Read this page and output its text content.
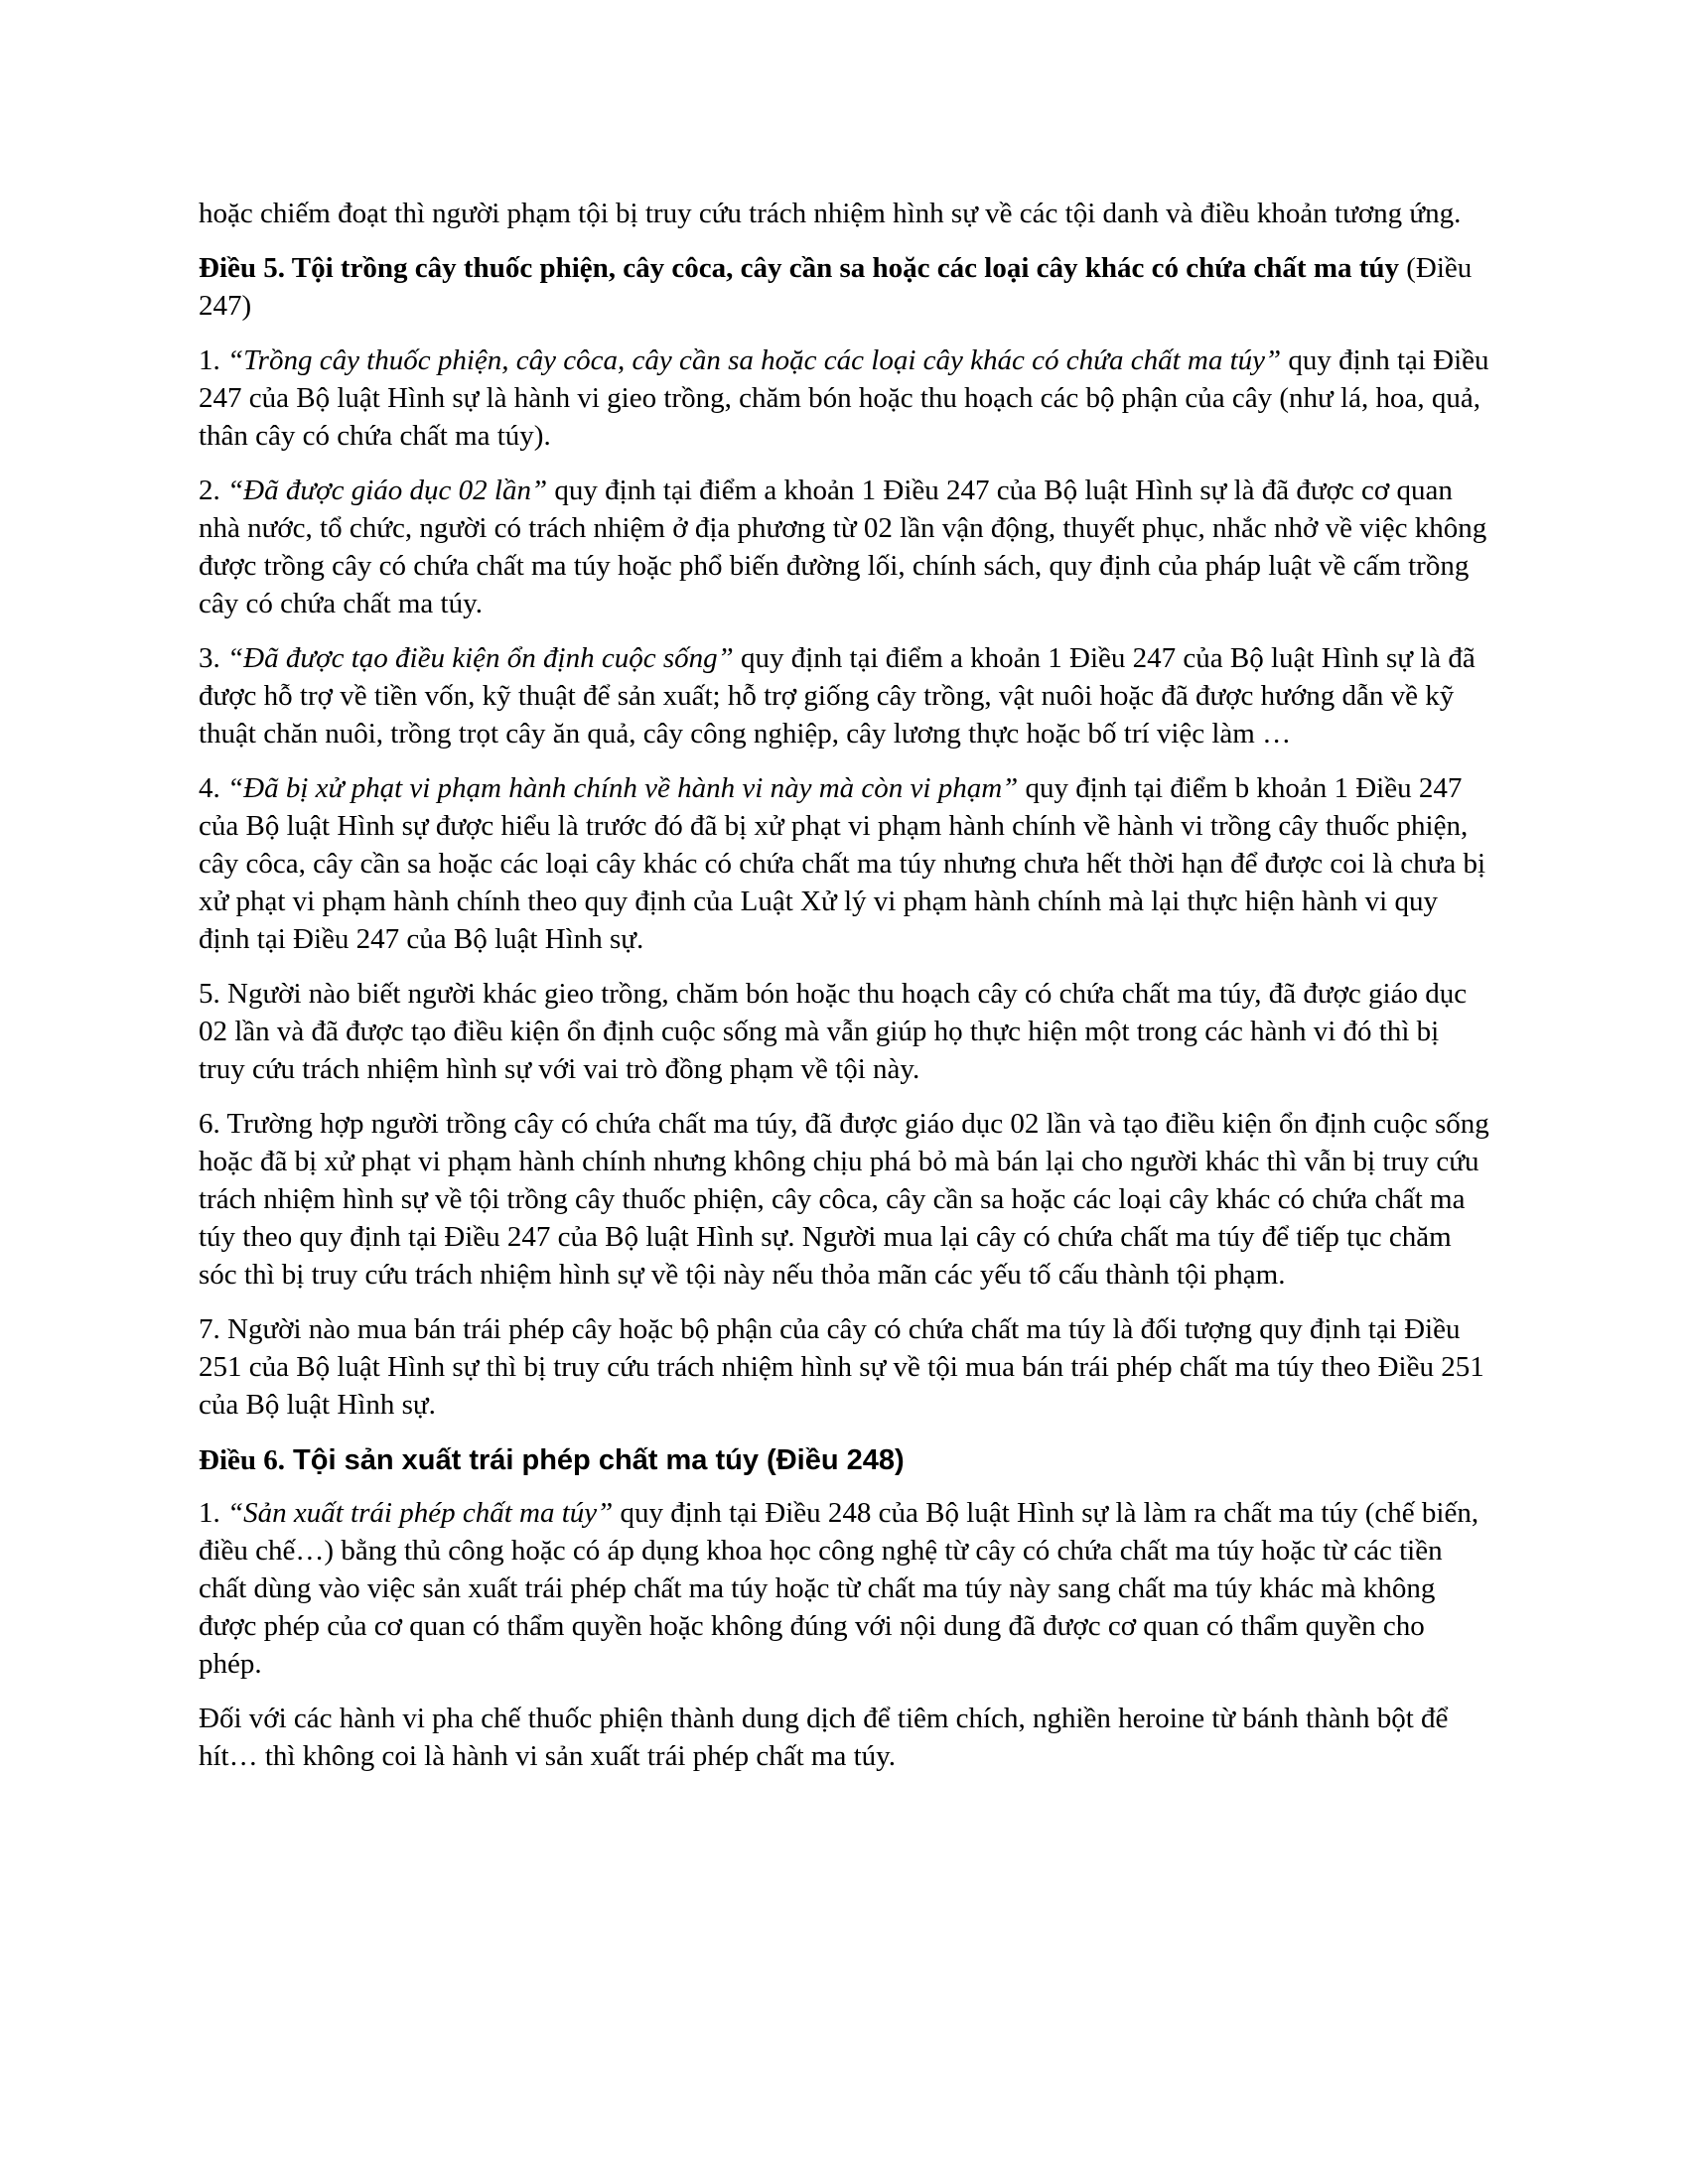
hoặc chiếm đoạt thì người phạm tội bị truy cứu trách nhiệm hình sự về các tội danh và điều khoản tương ứng.

Điều 5. Tội trồng cây thuốc phiện, cây côca, cây cần sa hoặc các loại cây khác có chứa chất ma túy (Điều 247)

1. “Trồng cây thuốc phiện, cây côca, cây cần sa hoặc các loại cây khác có chứa chất ma túy” quy định tại Điều 247 của Bộ luật Hình sự là hành vi gieo trồng, chăm bón hoặc thu hoạch các bộ phận của cây (như lá, hoa, quả, thân cây có chứa chất ma túy).

2. “Đã được giáo dục 02 lần” quy định tại điểm a khoản 1 Điều 247 của Bộ luật Hình sự là đã được cơ quan nhà nước, tổ chức, người có trách nhiệm ở địa phương từ 02 lần vận động, thuyết phục, nhắc nhở về việc không được trồng cây có chứa chất ma túy hoặc phổ biến đường lối, chính sách, quy định của pháp luật về cấm trồng cây có chứa chất ma túy.

3. “Đã được tạo điều kiện ổn định cuộc sống” quy định tại điểm a khoản 1 Điều 247 của Bộ luật Hình sự là đã được hỗ trợ về tiền vốn, kỹ thuật để sản xuất; hỗ trợ giống cây trồng, vật nuôi hoặc đã được hướng dẫn về kỹ thuật chăn nuôi, trồng trọt cây ăn quả, cây công nghiệp, cây lương thực hoặc bố trí việc làm …

4. “Đã bị xử phạt vi phạm hành chính về hành vi này mà còn vi phạm” quy định tại điểm b khoản 1 Điều 247 của Bộ luật Hình sự được hiểu là trước đó đã bị xử phạt vi phạm hành chính về hành vi trồng cây thuốc phiện, cây côca, cây cần sa hoặc các loại cây khác có chứa chất ma túy nhưng chưa hết thời hạn để được coi là chưa bị xử phạt vi phạm hành chính theo quy định của Luật Xử lý vi phạm hành chính mà lại thực hiện hành vi quy định tại Điều 247 của Bộ luật Hình sự.

5. Người nào biết người khác gieo trồng, chăm bón hoặc thu hoạch cây có chứa chất ma túy, đã được giáo dục 02 lần và đã được tạo điều kiện ổn định cuộc sống mà vẫn giúp họ thực hiện một trong các hành vi đó thì bị truy cứu trách nhiệm hình sự với vai trò đồng phạm về tội này.

6. Trường hợp người trồng cây có chứa chất ma túy, đã được giáo dục 02 lần và tạo điều kiện ổn định cuộc sống hoặc đã bị xử phạt vi phạm hành chính nhưng không chịu phá bỏ mà bán lại cho người khác thì vẫn bị truy cứu trách nhiệm hình sự về tội trồng cây thuốc phiện, cây côca, cây cần sa hoặc các loại cây khác có chứa chất ma túy theo quy định tại Điều 247 của Bộ luật Hình sự. Người mua lại cây có chứa chất ma túy để tiếp tục chăm sóc thì bị truy cứu trách nhiệm hình sự về tội này nếu thỏa mãn các yếu tố cấu thành tội phạm.

7. Người nào mua bán trái phép cây hoặc bộ phận của cây có chứa chất ma túy là đối tượng quy định tại Điều 251 của Bộ luật Hình sự thì bị truy cứu trách nhiệm hình sự về tội mua bán trái phép chất ma túy theo Điều 251 của Bộ luật Hình sự.

Điều 6. Tội sản xuất trái phép chất ma túy (Điều 248)

1. “Sản xuất trái phép chất ma túy” quy định tại Điều 248 của Bộ luật Hình sự là làm ra chất ma túy (chế biến, điều chế…) bằng thủ công hoặc có áp dụng khoa học công nghệ từ cây có chứa chất ma túy hoặc từ các tiền chất dùng vào việc sản xuất trái phép chất ma túy hoặc từ chất ma túy này sang chất ma túy khác mà không được phép của cơ quan có thẩm quyền hoặc không đúng với nội dung đã được cơ quan có thẩm quyền cho phép.

Đối với các hành vi pha chế thuốc phiện thành dung dịch để tiêm chích, nghiền heroine từ bánh thành bột để hít… thì không coi là hành vi sản xuất trái phép chất ma túy.
